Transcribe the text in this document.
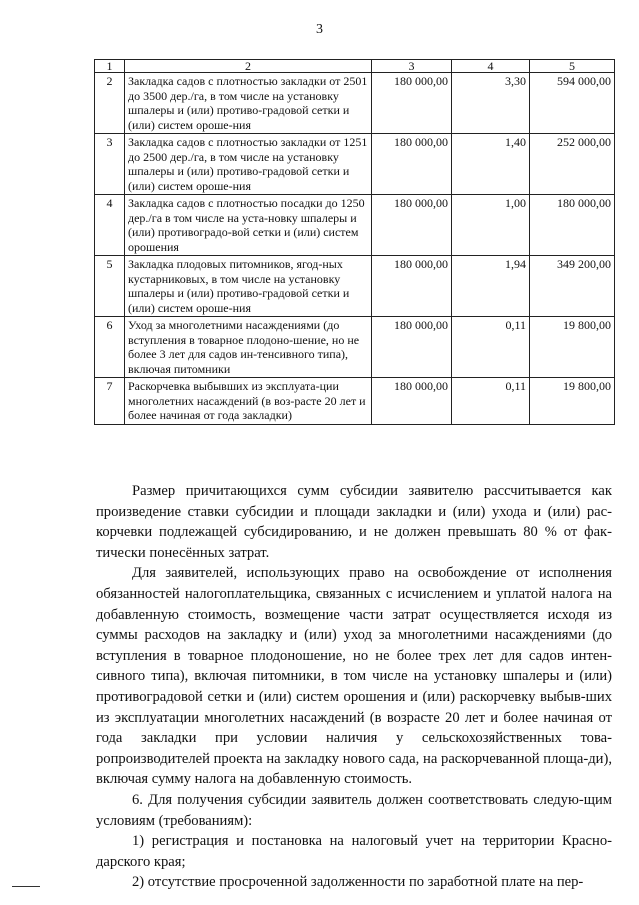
3
1	2	3	4	5
2	Закладка садов с плотностью закладки от 2501 до 3500 дер./га, в том числе на установку шпалеры и (или) противо-градовой сетки и (или) систем ороше-ния	180 000,00	3,30	594 000,00
3	Закладка садов с плотностью закладки от 1251 до 2500 дер./га, в том числе на установку шпалеры и (или) противо-градовой сетки и (или) систем ороше-ния	180 000,00	1,40	252 000,00
4	Закладка садов с плотностью посадки до 1250 дер./га в том числе на уста-новку шпалеры и (или) противоградо-вой сетки и (или) систем орошения	180 000,00	1,00	180 000,00
5	Закладка плодовых питомников, ягод-ных кустарниковых, в том числе на установку шпалеры и (или) противо-градовой сетки и (или) систем ороше-ния	180 000,00	1,94	349 200,00
6	Уход за многолетними насаждениями (до вступления в товарное плодоно-шение, но не более 3 лет для садов ин-тенсивного типа), включая питомники	180 000,00	0,11	19 800,00
7	Раскорчевка выбывших из эксплуата-ции многолетних насаждений (в воз-расте 20 лет и более начиная от года закладки)	180 000,00	0,11	19 800,00

Размер причитающихся сумм субсидии заявителю рассчитывается как произведение ставки субсидии и площади закладки и (или) ухода и (или) рас-корчевки подлежащей субсидированию, и не должен превышать 80 % от фак-тически понесённых затрат.

Для заявителей, использующих право на освобождение от исполнения обязанностей налогоплательщика, связанных с исчислением и уплатой налога на добавленную стоимость, возмещение части затрат осуществляется исходя из суммы расходов на закладку и (или) уход за многолетними насаждениями (до вступления в товарное плодоношение, но не более трех лет для садов интен-сивного типа), включая питомники, в том числе на установку шпалеры и (или) противоградовой сетки и (или) систем орошения и (или) раскорчевку выбыв-ших из эксплуатации многолетних насаждений (в возрасте 20 лет и более начиная от года закладки при условии наличия у сельскохозяйственных това-ропроизводителей проекта на закладку нового сада, на раскорчеванной площа-ди), включая сумму налога на добавленную стоимость.

6. Для получения субсидии заявитель должен соответствовать следую-щим условиям (требованиям):

1) регистрация и постановка на налоговый учет на территории Красно-дарского края;

2) отсутствие просроченной задолженности по заработной плате на пер-
